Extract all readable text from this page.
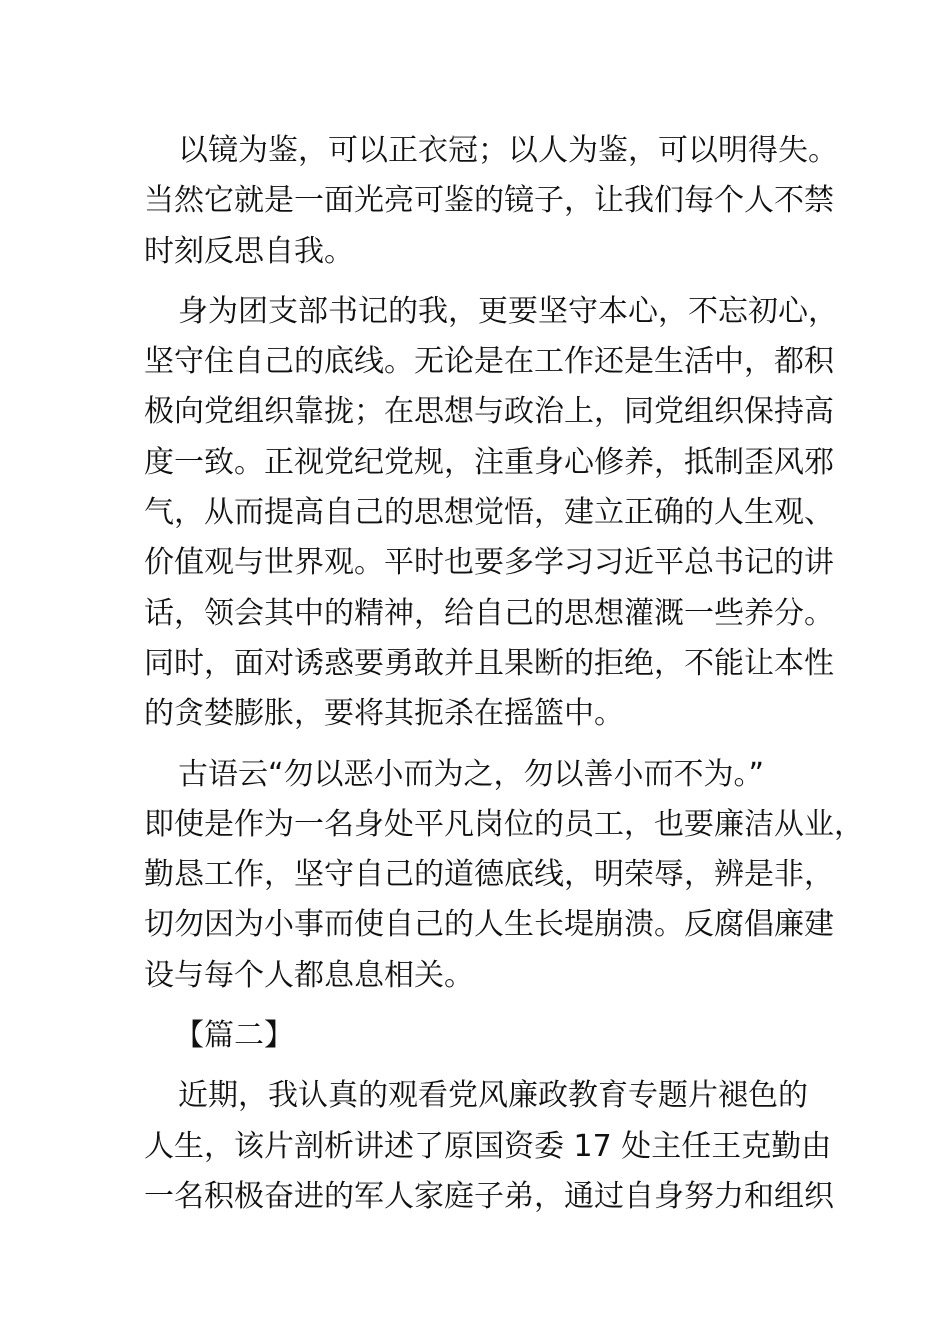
以镜为鉴，可以正衣冠；以人为鉴，可以明得失。
当然它就是一面光亮可鉴的镜子，让我们每个人不禁
时刻反思自我。
身为团支部书记的我，更要坚守本心，不忘初心，
坚守住自己的底线。无论是在工作还是生活中，都积
极向党组织靠拢；在思想与政治上，同党组织保持高
度一致。正视党纪党规，注重身心修养，抵制歪风邪
气，从而提高自己的思想觉悟，建立正确的人生观、
价值观与世界观。平时也要多学习习近平总书记的讲
话，领会其中的精神，给自己的思想灌溉一些养分。
同时，面对诱惑要勇敢并且果断的拒绝，不能让本性
的贪婪膨胀，要将其扼杀在摇篮中。
古语云“勿以恶小而为之，勿以善小而不为。”
即使是作为一名身处平凡岗位的员工，也要廉洁从业，
勤恳工作，坚守自己的道德底线，明荣辱，辨是非，
切勿因为小事而使自己的人生长堤崩溃。反腐倡廉建
设与每个人都息息相关。
【篇二】
近期，我认真的观看党风廉政教育专题片褪色的
人生，该片剖析讲述了原国资委 17 处主任王克勤由
一名积极奋进的军人家庭子弟，通过自身努力和组织
